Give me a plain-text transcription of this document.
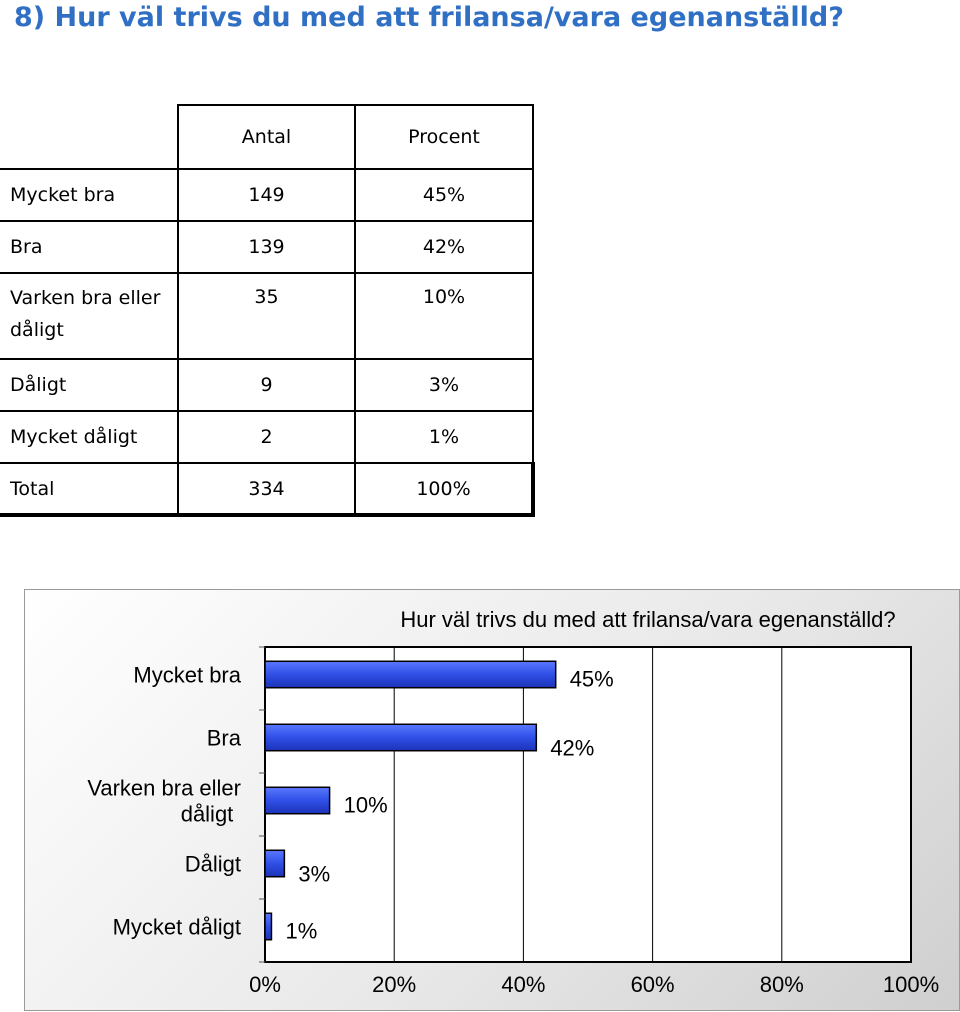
8) Hur väl trivs du med att frilansa/vara egenanställd?
	Antal	Procent
Mycket bra	149	45%
Bra	139	42%
Varken bra eller dåligt	35	10%
Dåligt	9	3%
Mycket dåligt	2	1%
Total	334	100%
Mycket bra	45%
Bra	42%
Varken bra eller dåligt	10%
Dåligt	3%
Mycket dåligt 1%
0%	20%	40%	60%	80%	100%
Hur väl trivs du med att frilansa/vara egenanställd?
